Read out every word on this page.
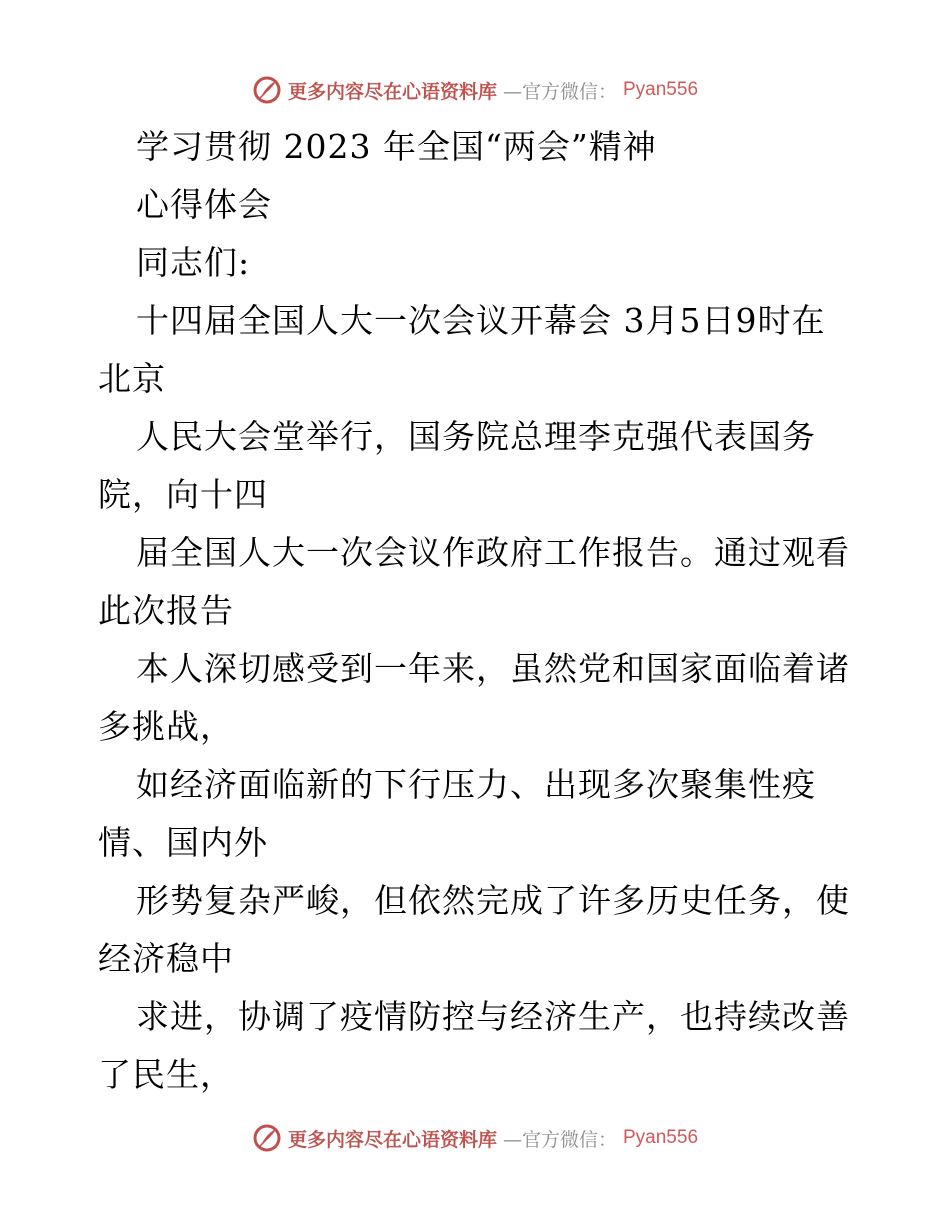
更多内容尽在心语资料库 —官方微信： Pyan556
学习贯彻 2023 年全国“两会”精神
心得体会
同志们:
十四届全国人大一次会议开幕会 3月5日9时在
北京
人民大会堂举行，国务院总理李克强代表国务
院，向十四
届全国人大一次会议作政府工作报告。通过观看
此次报告
本人深切感受到一年来，虽然党和国家面临着诸
多挑战，
如经济面临新的下行压力、出现多次聚集性疫
情、国内外
形势复杂严峻，但依然完成了许多历史任务，使
经济稳中
求进，协调了疫情防控与经济生产，也持续改善
了民生，
更多内容尽在心语资料库 —官方微信： Pyan556
